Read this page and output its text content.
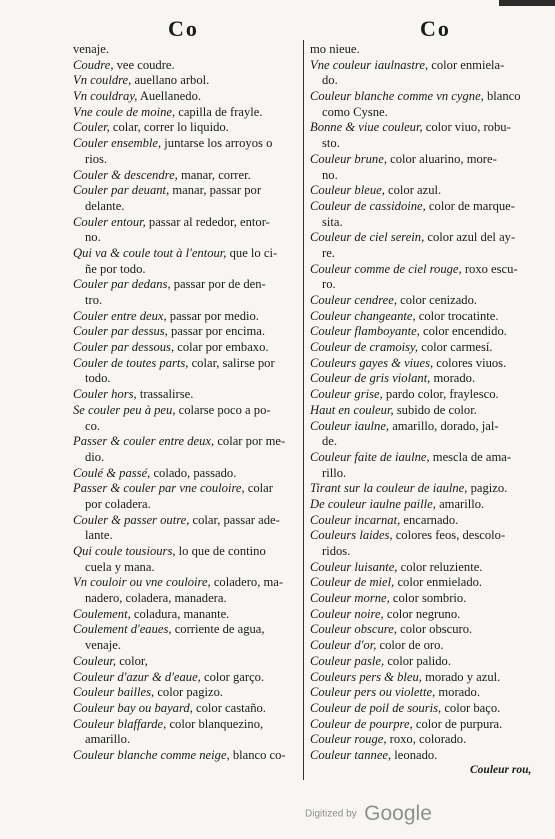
Co	Co
venaje.
Coudre, vee coudre.
Vn couldre, auellano arbol.
Vn couldray, Auellanedo.
Vne coule de moine, capilla de frayle.
Couler, colar, correr lo liquido.
Couler ensemble, juntarse los arroyos o
rios.
Couler & descendre, manar, correr.
Couler par deuant, manar, passar por
delante.
Couler entour, passar al rededor, entor-
no.
Qui va & coule tout à l'entour, que lo ci-
ñe por todo.
Couler par dedans, passar por de den-
tro.
Couler entre deux, passar por medio.
Couler par dessus, passar por encima.
Couler par dessous, colar por embaxo.
Couler de toutes parts, colar, salirse por
todo.
Couler hors, trassalirse.
Se couler peu à peu, colarse poco a po-
co.
Passer & couler entre deux, colar por me-
dio.
Coulé & passé, colado, passado.
Passer & couler par vne couloire, colar
por coladera.
Couler & passer outre, colar, passar ade-
lante.
Qui coule tousiours, lo que de contino
cuela y mana.
Vn couloir ou vne couloire, coladero, ma-
nadero, coladera, manadera.
Coulement, coladura, manante.
Coulement d'eaues, corriente de agua,
venaje.
Couleur, color,
Couleur d'azur & d'eaue, color garço.
Couleur bailles, color pagizo.
Couleur bay ou bayard, color castaño.
Couleur blaffarde, color blanquezino,
amarillo.
Couleur blanche comme neige, blanco co-
mo nieue.
Vne couleur iaulnastre, color enmiela-
do.
Couleur blanche comme vn cygne, blanco
como Cysne.
Bonne & viue couleur, color viuo, robu-
sto.
Couleur brune, color aluarino, more-
no.
Couleur bleue, color azul.
Couleur de cassidoine, color de marque-
sita.
Couleur de ciel serein, color azul del ay-
re.
Couleur comme de ciel rouge, roxo escu-
ro.
Couleur cendree, color cenizado.
Couleur changeante, color trocatinte.
Couleur flamboyante, color encendido.
Couleur de cramoisy, color carmesí.
Couleurs gayes & viues, colores viuos.
Couleur de gris violant, morado.
Couleur grise, pardo color, fraylesco.
Haut en couleur, subido de color.
Couleur iaulne, amarillo, dorado, jal-
de.
Couleur faite de iaulne, mescla de ama-
rillo.
Tirant sur la couleur de iaulne, pagizo.
De couleur iaulne paille, amarillo.
Couleur incarnat, encarnado.
Couleurs laides, colores feos, descolo-
ridos.
Couleur luisante, color reluziente.
Couleur de miel, color enmielado.
Couleur morne, color sombrio.
Couleur noire, color negruno.
Couleur obscure, color obscuro.
Couleur d'or, color de oro.
Couleur pasle, color palido.
Couleurs pers & bleu, morado y azul.
Couleur pers ou violette, morado.
Couleur de poil de souris, color baço.
Couleur de pourpre, color de purpura.
Couleur rouge, roxo, colorado.
Couleur tannee, leonado.
Couleur rou,
Digitized by Google
